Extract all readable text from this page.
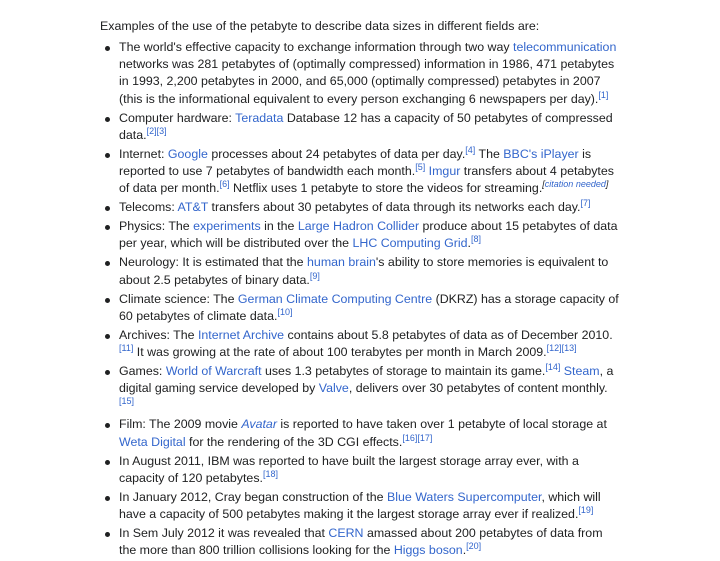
Examples of the use of the petabyte to describe data sizes in different fields are:

The world's effective capacity to exchange information through two way telecommunication networks was 281 petabytes of (optimally compressed) information in 1986, 471 petabytes in 1993, 2,200 petabytes in 2000, and 65,000 (optimally compressed) petabytes in 2007 (this is the informational equivalent to every person exchanging 6 newspapers per day).[1]
Computer hardware: Teradata Database 12 has a capacity of 50 petabytes of compressed data.[2][3]
Internet: Google processes about 24 petabytes of data per day.[4] The BBC's iPlayer is reported to use 7 petabytes of bandwidth each month.[5] Imgur transfers about 4 petabytes of data per month.[6] Netflix uses 1 petabyte to store the videos for streaming.[citation needed]
Telecoms: AT&T transfers about 30 petabytes of data through its networks each day.[7]
Physics: The experiments in the Large Hadron Collider produce about 15 petabytes of data per year, which will be distributed over the LHC Computing Grid.[8]
Neurology: It is estimated that the human brain's ability to store memories is equivalent to about 2.5 petabytes of binary data.[9]
Climate science: The German Climate Computing Centre (DKRZ) has a storage capacity of 60 petabytes of climate data.[10]
Archives: The Internet Archive contains about 5.8 petabytes of data as of December 2010.[11] It was growing at the rate of about 100 terabytes per month in March 2009.[12][13]
Games: World of Warcraft uses 1.3 petabytes of storage to maintain its game.[14] Steam, a digital gaming service developed by Valve, delivers over 30 petabytes of content monthly.[15]
Film: The 2009 movie Avatar is reported to have taken over 1 petabyte of local storage at Weta Digital for the rendering of the 3D CGI effects.[16][17]
In August 2011, IBM was reported to have built the largest storage array ever, with a capacity of 120 petabytes.[18]
In January 2012, Cray began construction of the Blue Waters Supercomputer, which will have a capacity of 500 petabytes making it the largest storage array ever if realized.[19]
In Sem July 2012 it was revealed that CERN amassed about 200 petabytes of data from the more than 800 trillion collisions looking for the Higgs boson.[20]
